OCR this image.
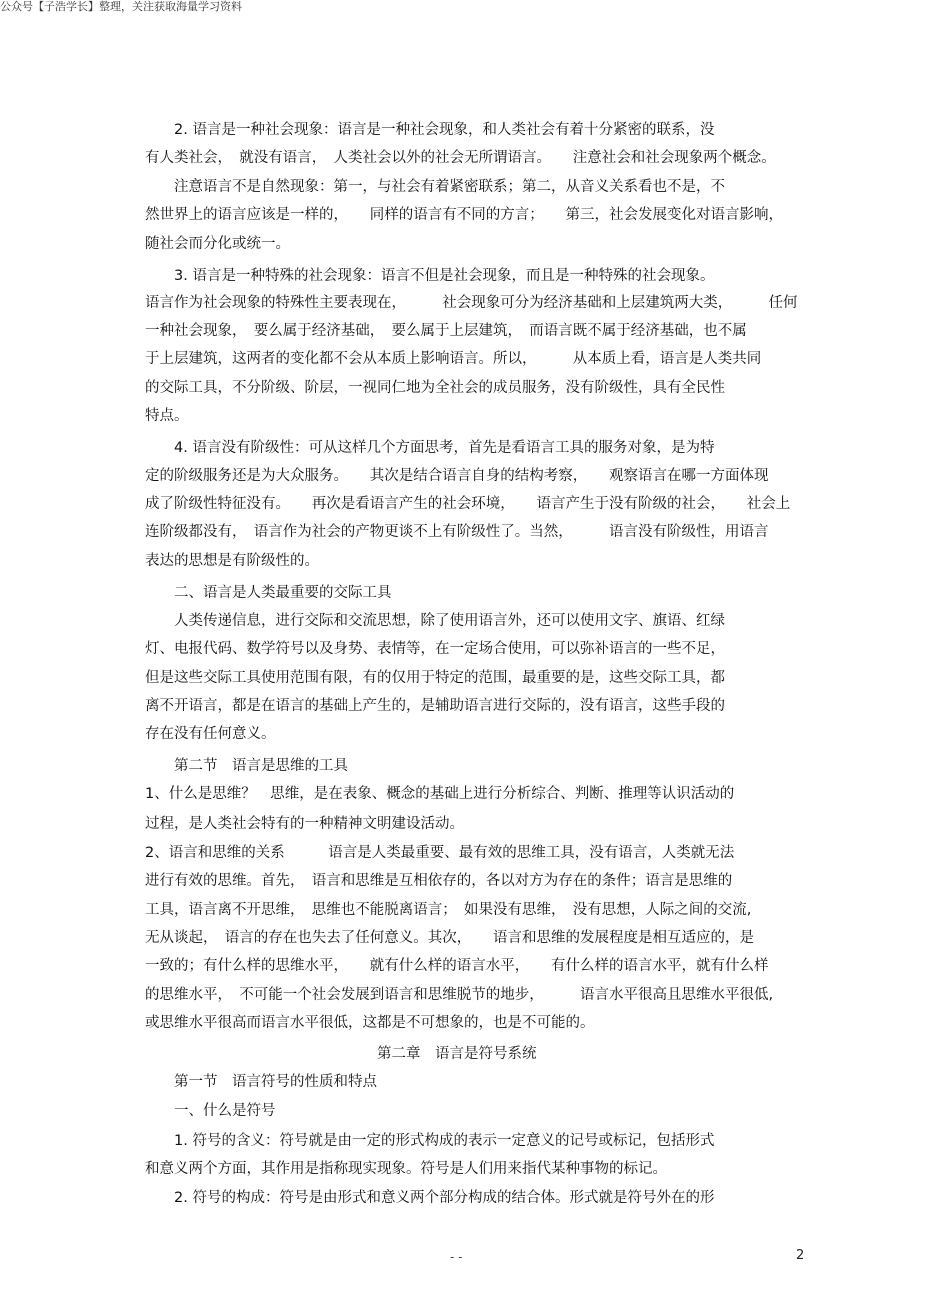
公众号【子浩学长】整理，关注获取海量学习资料
　　2. 语言是一种社会现象：语言是一种社会现象，和人类社会有着十分紧密的联系，没
有人类社会，　就没有语言，　人类社会以外的社会无所谓语言。　　注意社会和社会现象两个概念。
　　注意语言不是自然现象：第一，与社会有着紧密联系；第二，从音义关系看也不是，不
然世界上的语言应该是一样的，　　同样的语言有不同的方言；　　第三，社会发展变化对语言影响，
随社会而分化或统一。
　　3. 语言是一种特殊的社会现象：语言不但是社会现象，而且是一种特殊的社会现象。
语言作为社会现象的特殊性主要表现在，　　　社会现象可分为经济基础和上层建筑两大类，　　　任何
一种社会现象，　要么属于经济基础，　要么属于上层建筑，　而语言既不属于经济基础，也不属
于上层建筑，这两者的变化都不会从本质上影响语言。所以，　　　从本质上看，语言是人类共同
的交际工具，不分阶级、阶层，一视同仁地为全社会的成员服务，没有阶级性，具有全民性
特点。
　　4. 语言没有阶级性：可从这样几个方面思考，首先是看语言工具的服务对象，是为特
定的阶级服务还是为大众服务。　　其次是结合语言自身的结构考察，　　观察语言在哪一方面体现
成了阶级性特征没有。　　再次是看语言产生的社会环境，　　语言产生于没有阶级的社会，　　社会上
连阶级都没有，　语言作为社会的产物更谈不上有阶级性了。当然，　　　语言没有阶级性，用语言
表达的思想是有阶级性的。
　　二、语言是人类最重要的交际工具
　　人类传递信息，进行交际和交流思想，除了使用语言外，还可以使用文字、旗语、红绿
灯、电报代码、数学符号以及身势、表情等，在一定场合使用，可以弥补语言的一些不足，
但是这些交际工具使用范围有限，有的仅用于特定的范围，最重要的是，这些交际工具，都
离不开语言，都是在语言的基础上产生的，是辅助语言进行交际的，没有语言，这些手段的
存在没有任何意义。
　　第二节　语言是思维的工具
1、什么是思维？　思维，是在表象、概念的基础上进行分析综合、判断、推理等认识活动的
过程，是人类社会特有的一种精神文明建设活动。
2、语言和思维的关系　　　语言是人类最重要、最有效的思维工具，没有语言，人类就无法
进行有效的思维。首先，　语言和思维是互相依存的，各以对方为存在的条件；语言是思维的
工具，语言离不开思维，　思维也不能脱离语言；　如果没有思维，　没有思想，人际之间的交流,
无从谈起，　语言的存在也失去了任何意义。其次，　　语言和思维的发展程度是相互适应的，是
一致的；有什么样的思维水平，　　就有什么样的语言水平，　　有什么样的语言水平，就有什么样
的思维水平，　不可能一个社会发展到语言和思维脱节的地步，　　　语言水平很高且思维水平很低,
或思维水平很高而语言水平很低，这都是不可想象的，也是不可能的。
　　　　　　　　　　　　　　　　第二章　语言是符号系统
　　第一节　语言符号的性质和特点
　　一、什么是符号
　　1. 符号的含义：符号就是由一定的形式构成的表示一定意义的记号或标记，包括形式
和意义两个方面，其作用是指称现实现象。符号是人们用来指代某种事物的标记。
　　2. 符号的构成：符号是由形式和意义两个部分构成的结合体。形式就是符号外在的形
- -	2
